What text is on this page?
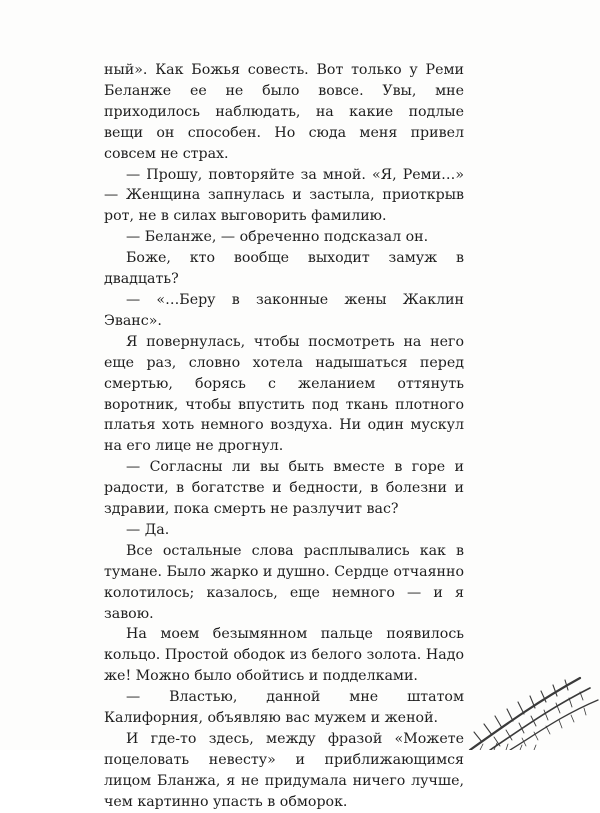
ный». Как Божья совесть. Вот только у Реми Беланже ее не было вовсе. Увы, мне приходилось наблюдать, на какие подлые вещи он способен. Но сюда меня привел совсем не страх.

— Прошу, повторяйте за мной. «Я, Реми…» — Женщина запнулась и застыла, приоткрыв рот, не в силах выговорить фамилию.

— Беланже, — обреченно подсказал он.

Боже, кто вообще выходит замуж в двадцать?

— «…Беру в законные жены Жаклин Эванс».

Я повернулась, чтобы посмотреть на него еще раз, словно хотела надышаться перед смертью, борясь с желанием оттянуть воротник, чтобы впустить под ткань плотного платья хоть немного воздуха. Ни один мускул на его лице не дрогнул.

— Согласны ли вы быть вместе в горе и радости, в богатстве и бедности, в болезни и здравии, пока смерть не разлучит вас?

— Да.

Все остальные слова расплывались как в тумане. Было жарко и душно. Сердце отчаянно колотилось; казалось, еще немного — и я завою.

На моем безымянном пальце появилось кольцо. Простой ободок из белого золота. Надо же! Можно было обойтись и подделками.

— Властью, данной мне штатом Калифорния, объявляю вас мужем и женой.

И где-то здесь, между фразой «Можете поцеловать невесту» и приближающимся лицом Бланжа, я не придумала ничего лучше, чем картинно упасть в обморок.
